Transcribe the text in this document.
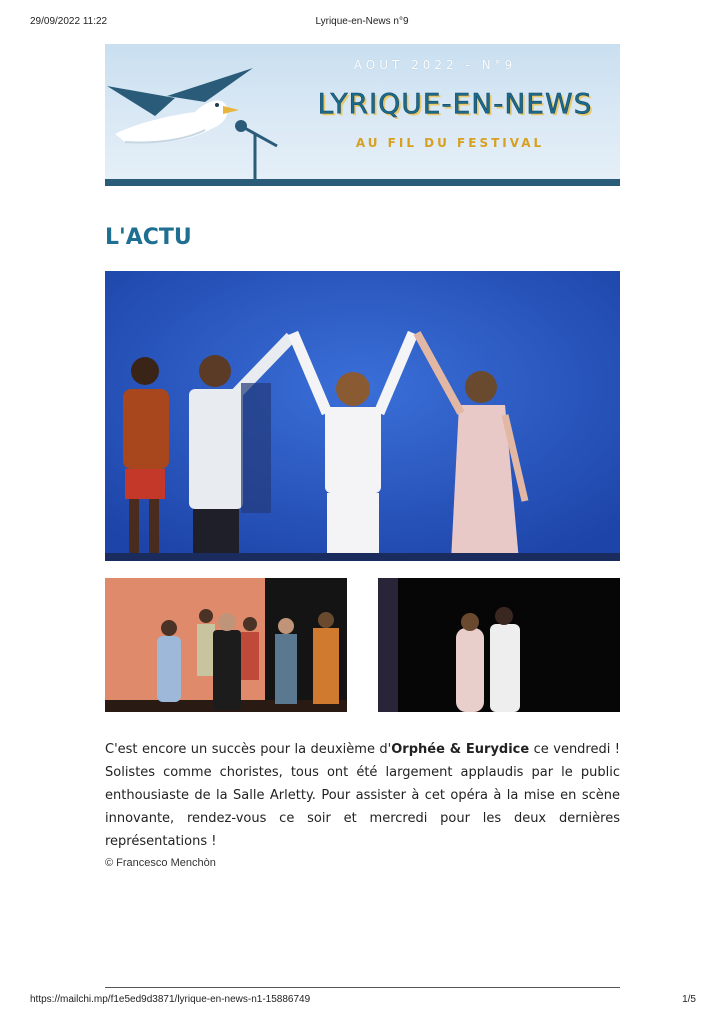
29/09/2022 11:22	Lyrique-en-News n°9
AOUT 2022 - N°9
LYRIQUE-EN-NEWS
AU FIL DU FESTIVAL
L'ACTU
C'est encore un succès pour la deuxième d'Orphée & Eurydice ce vendredi ! Solistes comme choristes, tous ont été largement applaudis par le public enthousiaste de la Salle Arletty. Pour assister à cet opéra à la mise en scène innovante, rendez-vous ce soir et mercredi pour les deux dernières représentations !
© Francesco Menchòn
https://mailchi.mp/f1e5ed9d3871/lyrique-en-news-n1-15886749	1/5
